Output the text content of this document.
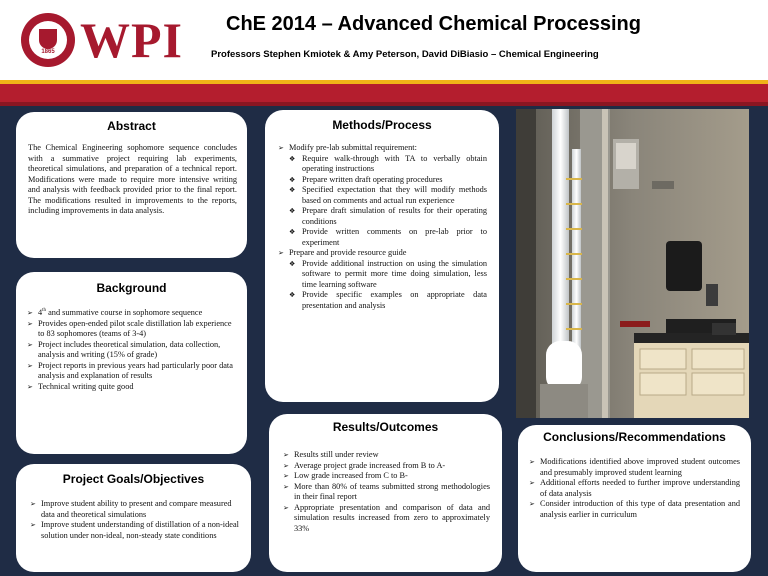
1865 WPI ChE 2014 – Advanced Chemical Processing
Professors Stephen Kmiotek & Amy Peterson, David DiBiasio – Chemical Engineering
Abstract

The Chemical Engineering sophomore sequence concludes with a summative project requiring lab experiments, theoretical simulations, and preparation of a technical report. Modifications were made to require more intensive writing and analysis with feedback provided prior to the final report. The modifications resulted in improvements to the reports, including improvements in data analysis.

Background
➢ 4th and summative course in sophomore sequence
➢ Provides open-ended pilot scale distillation lab experience to 83 sophomores (teams of 3-4)
➢ Project includes theoretical simulation, data collection, analysis and writing (15% of grade)
➢ Project reports in previous years had particularly poor data analysis and explanation of results
➢ Technical writing quite good
Project Goals/Objectives
➢ Improve student ability to present and compare measured data and theoretical simulations
➢ Improve student understanding of distillation of a non-ideal solution under non-ideal, non-steady state conditions
Methods/Process
➢ Modify pre-lab submittal requirement:
❖ Require walk-through with TA to verbally obtain operating instructions
❖ Prepare written draft operating procedures
❖ Specified expectation that they will modify methods based on comments and actual run experience
❖ Prepare draft simulation of results for their operating conditions
❖ Provide written comments on pre-lab prior to experiment
➢ Prepare and provide resource guide
❖ Provide additional instruction on using the simulation software to permit more time doing simulation, less time learning software
❖ Provide specific examples on appropriate data presentation and analysis
Results/Outcomes
➢ Results still under review
➢ Average project grade increased from B to A-
➢ Low grade increased from C to B-
➢ More than 80% of teams submitted strong methodologies in their final report
➢ Appropriate presentation and comparison of data and simulation results increased from zero to approximately 33%
Conclusions/Recommendations
➢ Modifications identified above improved student outcomes and presumably improved student learning
➢ Additional efforts needed to further improve understanding of data analysis
➢ Consider introduction of this type of data presentation and analysis earlier in curriculum
